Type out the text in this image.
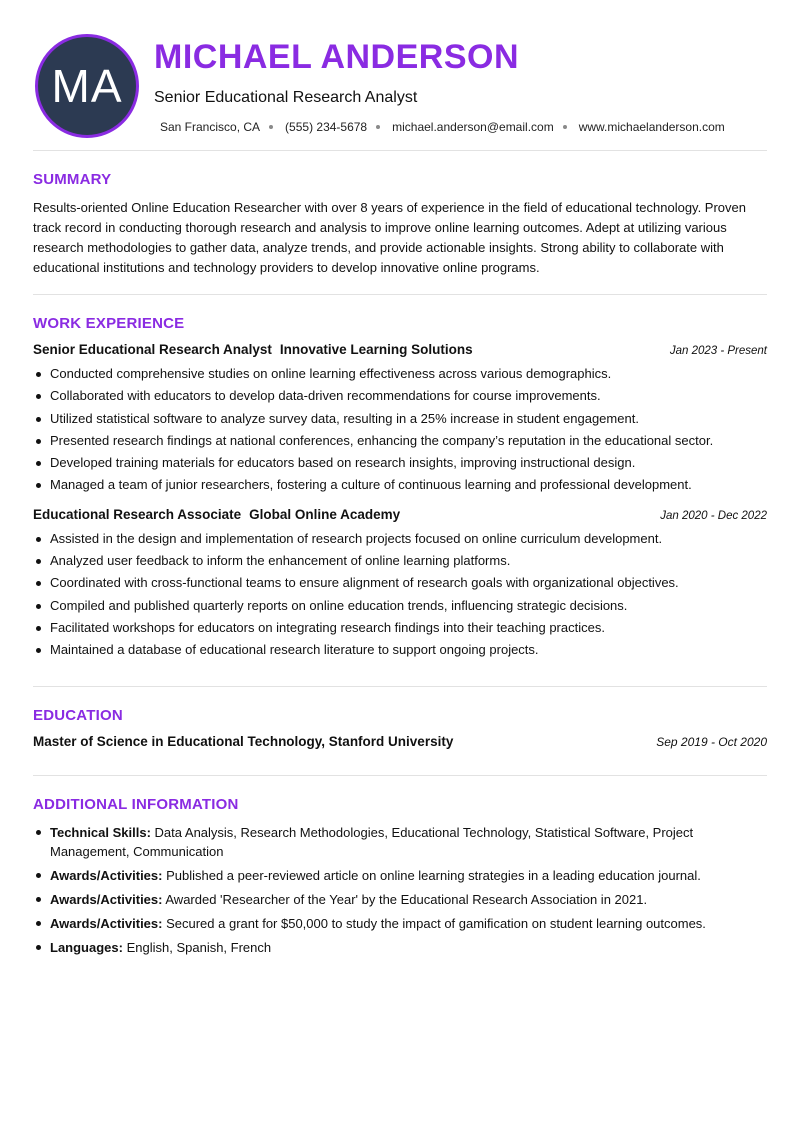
MA
MICHAEL ANDERSON
Senior Educational Research Analyst
San Francisco, CA (555) 234-5678 michael.anderson@email.com www.michaelanderson.com
SUMMARY

Results-oriented Online Education Researcher with over 8 years of experience in the field of educational technology. Proven track record in conducting thorough research and analysis to improve online learning outcomes. Adept at utilizing various research methodologies to gather data, analyze trends, and provide actionable insights. Strong ability to collaborate with educational institutions and technology providers to develop innovative online programs.

WORK EXPERIENCE
Senior Educational Research Analyst Innovative Learning Solutions	Jan 2023 - Present
Conducted comprehensive studies on online learning effectiveness across various demographics.
Collaborated with educators to develop data-driven recommendations for course improvements.
Utilized statistical software to analyze survey data, resulting in a 25% increase in student engagement.
Presented research findings at national conferences, enhancing the company’s reputation in the educational sector.
Developed training materials for educators based on research insights, improving instructional design.
Managed a team of junior researchers, fostering a culture of continuous learning and professional development.
Educational Research Associate Global Online Academy	Jan 2020 - Dec 2022
Assisted in the design and implementation of research projects focused on online curriculum development.
Analyzed user feedback to inform the enhancement of online learning platforms.
Coordinated with cross-functional teams to ensure alignment of research goals with organizational objectives.
Compiled and published quarterly reports on online education trends, influencing strategic decisions.
Facilitated workshops for educators on integrating research findings into their teaching practices.
Maintained a database of educational research literature to support ongoing projects.
EDUCATION
Master of Science in Educational Technology, Stanford University	Sep 2019 - Oct 2020
ADDITIONAL INFORMATION
Technical Skills: Data Analysis, Research Methodologies, Educational Technology, Statistical Software, Project Management, Communication
Awards/Activities: Published a peer-reviewed article on online learning strategies in a leading education journal.
Awards/Activities: Awarded 'Researcher of the Year' by the Educational Research Association in 2021.
Awards/Activities: Secured a grant for $50,000 to study the impact of gamification on student learning outcomes.
Languages: English, Spanish, French
